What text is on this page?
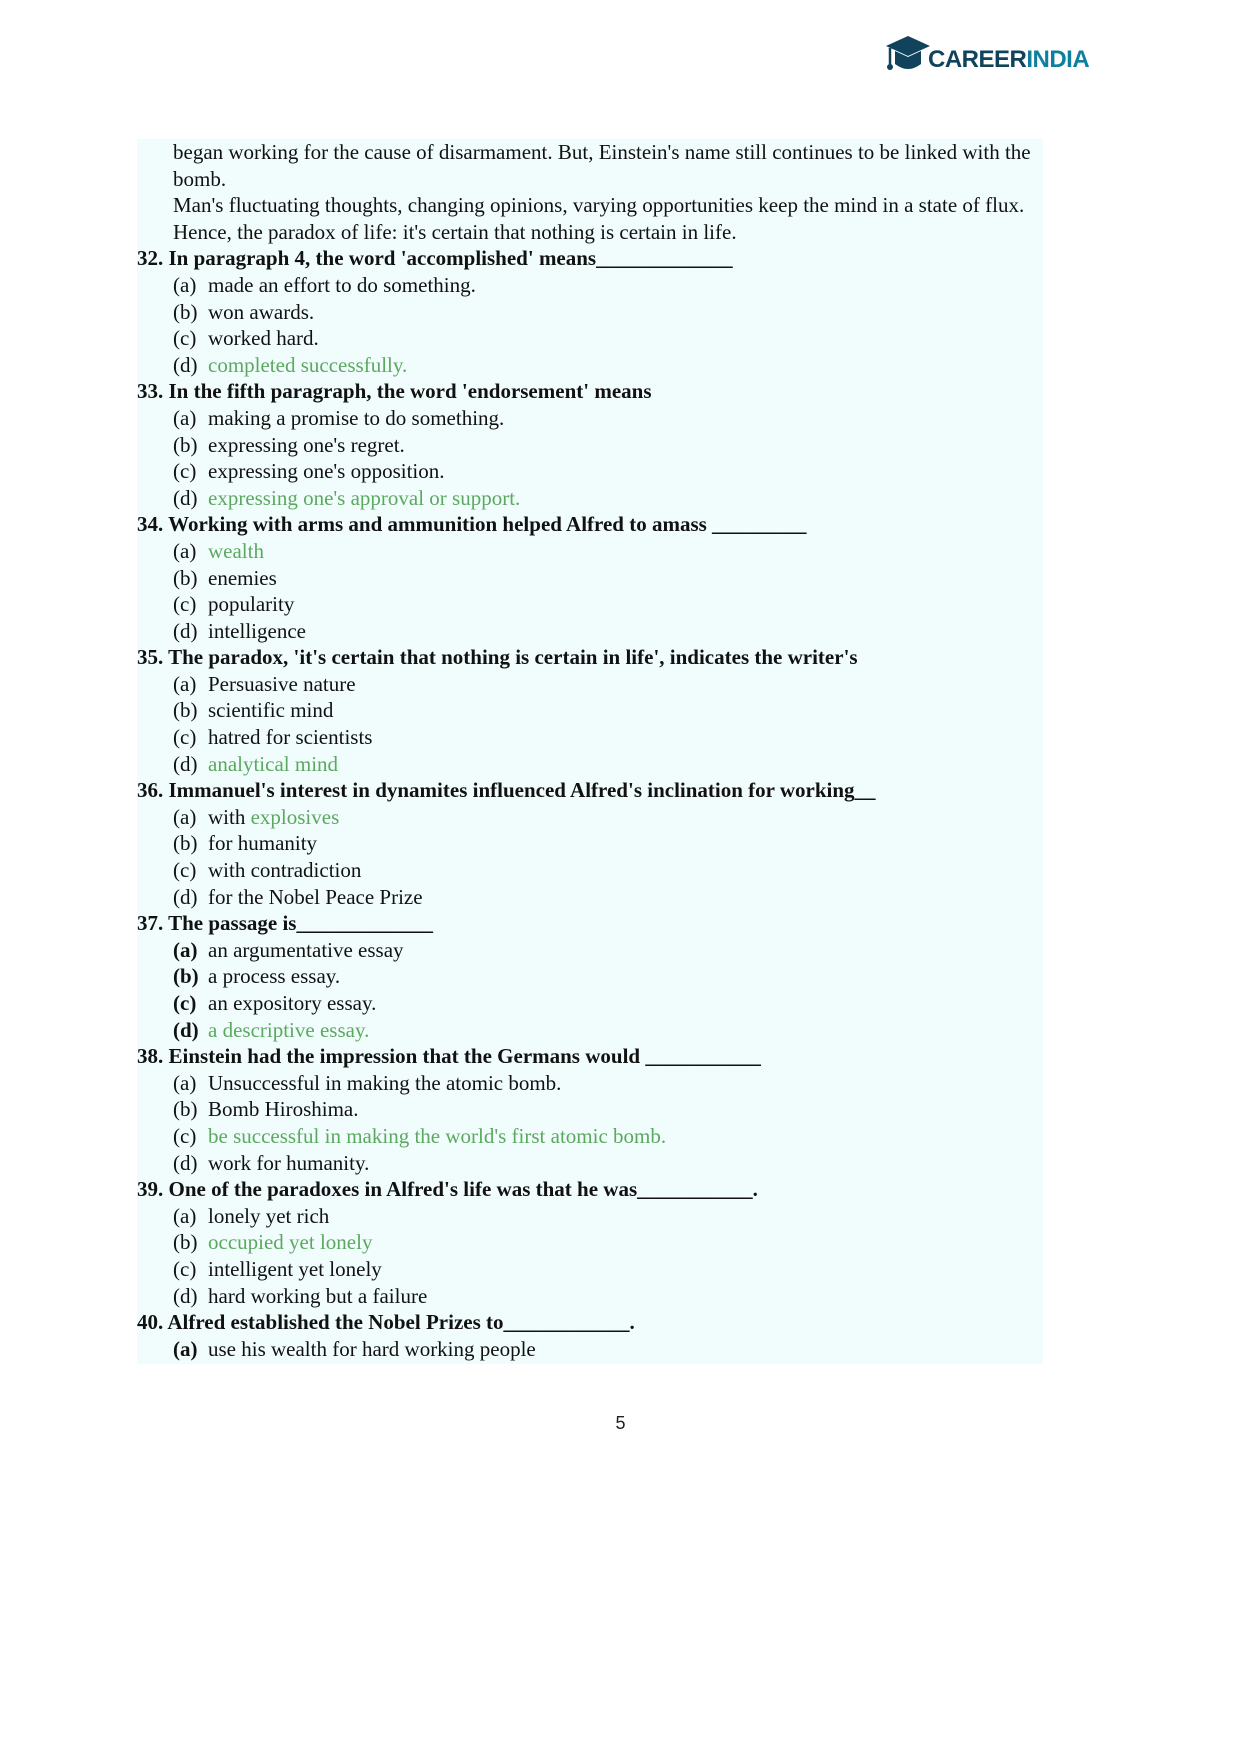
CAREERINDIA

began working for the cause of disarmament. But, Einstein's name still continues to be linked with the bomb.

Man's fluctuating thoughts, changing opinions, varying opportunities keep the mind in a state of flux. Hence, the paradox of life: it's certain that nothing is certain in life.

32. In paragraph 4, the word 'accomplished' means_____________
(a) made an effort to do something.
(b) won awards.
(c) worked hard.
(d) completed successfully.
33. In the fifth paragraph, the word 'endorsement' means
(a) making a promise to do something.
(b) expressing one's regret.
(c) expressing one's opposition.
(d) expressing one's approval or support.
34. Working with arms and ammunition helped Alfred to amass _________
(a) wealth
(b) enemies
(c) popularity
(d) intelligence
35. The paradox, 'it's certain that nothing is certain in life', indicates the writer's
(a) Persuasive nature
(b) scientific mind
(c) hatred for scientists
(d) analytical mind
36. Immanuel's interest in dynamites influenced Alfred's inclination for working__
(a) with explosives
(b) for humanity
(c) with contradiction
(d) for the Nobel Peace Prize
37. The passage is_____________
(a) an argumentative essay
(b) a process essay.
(c) an expository essay.
(d) a descriptive essay.
38. Einstein had the impression that the Germans would ___________
(a) Unsuccessful in making the atomic bomb.
(b) Bomb Hiroshima.
(c) be successful in making the world's first atomic bomb.
(d) work for humanity.
39. One of the paradoxes in Alfred's life was that he was___________.
(a) lonely yet rich
(b) occupied yet lonely
(c) intelligent yet lonely
(d) hard working but a failure
40. Alfred established the Nobel Prizes to____________.
(a) use his wealth for hard working people
5
